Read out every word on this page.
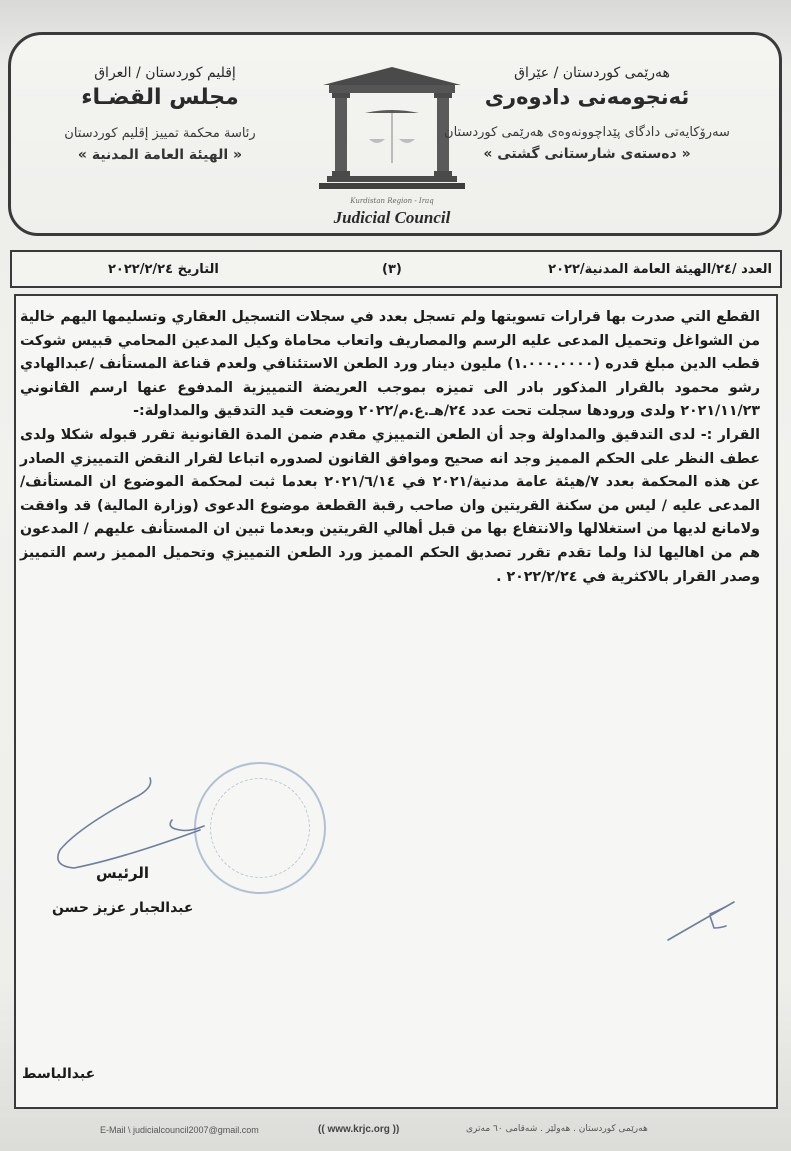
إقليم كوردستان / العراق
مجلس القضـاء
رئاسة محكمة تمييز إقليم كوردستان
« الهيئة العامة المدنية »
Kurdistan Region - Iraq
Judicial Council
هەرێمی كوردستان / عێراق
ئەنجومەنی دادوەری
سەرۆكایەتی دادگای پێداچوونەوەی هەرێمی كوردستان
« دەستەی شارستانی گشتی »
العدد /٢٤/الهيئة العامة المدنية/٢٠٢٢
(٣)
التاريخ ٢٠٢٢/٢/٢٤

القطع التي صدرت بها قرارات تسويتها ولم تسجل بعدد في سجلات التسجيل العقاري وتسليمها اليهم خالية من الشواغل وتحميل المدعى عليه الرسم والمصاريف واتعاب محاماة وكيل المدعين المحامي قبيس شوكت قطب الدين مبلغ قدره (١.٠٠٠.٠٠٠٠) مليون دينار ورد الطعن الاستئنافي ولعدم قناعة المستأنف /عبدالهادي رشو محمود بالقرار المذكور بادر الى تميزه بموجب العريضة التمييزية المدفوع عنها ارسم القانوني ٢٠٢١/١١/٢٣ ولدى ورودها سجلت تحت عدد ٢٤/هـ.ع.م/٢٠٢٢ ووضعت قيد التدقيق والمداولة:-

القرار :- لدى التدقيق والمداولة وجد أن الطعن التمييزي مقدم ضمن المدة القانونية تقرر قبوله شكلا ولدى عطف النظر على الحكم المميز وجد انه صحيح وموافق القانون لصدوره اتباعا لقرار النقض التمييزي الصادر عن هذه المحكمة بعدد ٧/هيئة عامة مدنية/٢٠٢١ في ٢٠٢١/٦/١٤ بعدما ثبت لمحكمة الموضوع ان المستأنف/ المدعى عليه / ليس من سكنة القريتين وان صاحب رقبة القطعة موضوع الدعوى (وزارة المالية) قد وافقت ولامانع لديها من استغلالها والانتفاع بها من قبل أهالي القريتين وبعدما تبين ان المستأنف عليهم / المدعون هم من اهاليها لذا ولما تقدم تقرر تصديق الحكم المميز ورد الطعن التمييزي وتحميل المميز رسم التمييز وصدر القرار بالاكثرية في ٢٠٢٢/٢/٢٤ .

الرئيس
عبدالجبار عزيز حسن
عبدالباسط
E-Mail \ judicialcouncil2007@gmail.com	(( www.krjc.org ))	هەرێمی كوردستان . هەولێر . شەقامی ٦٠ مەتری
